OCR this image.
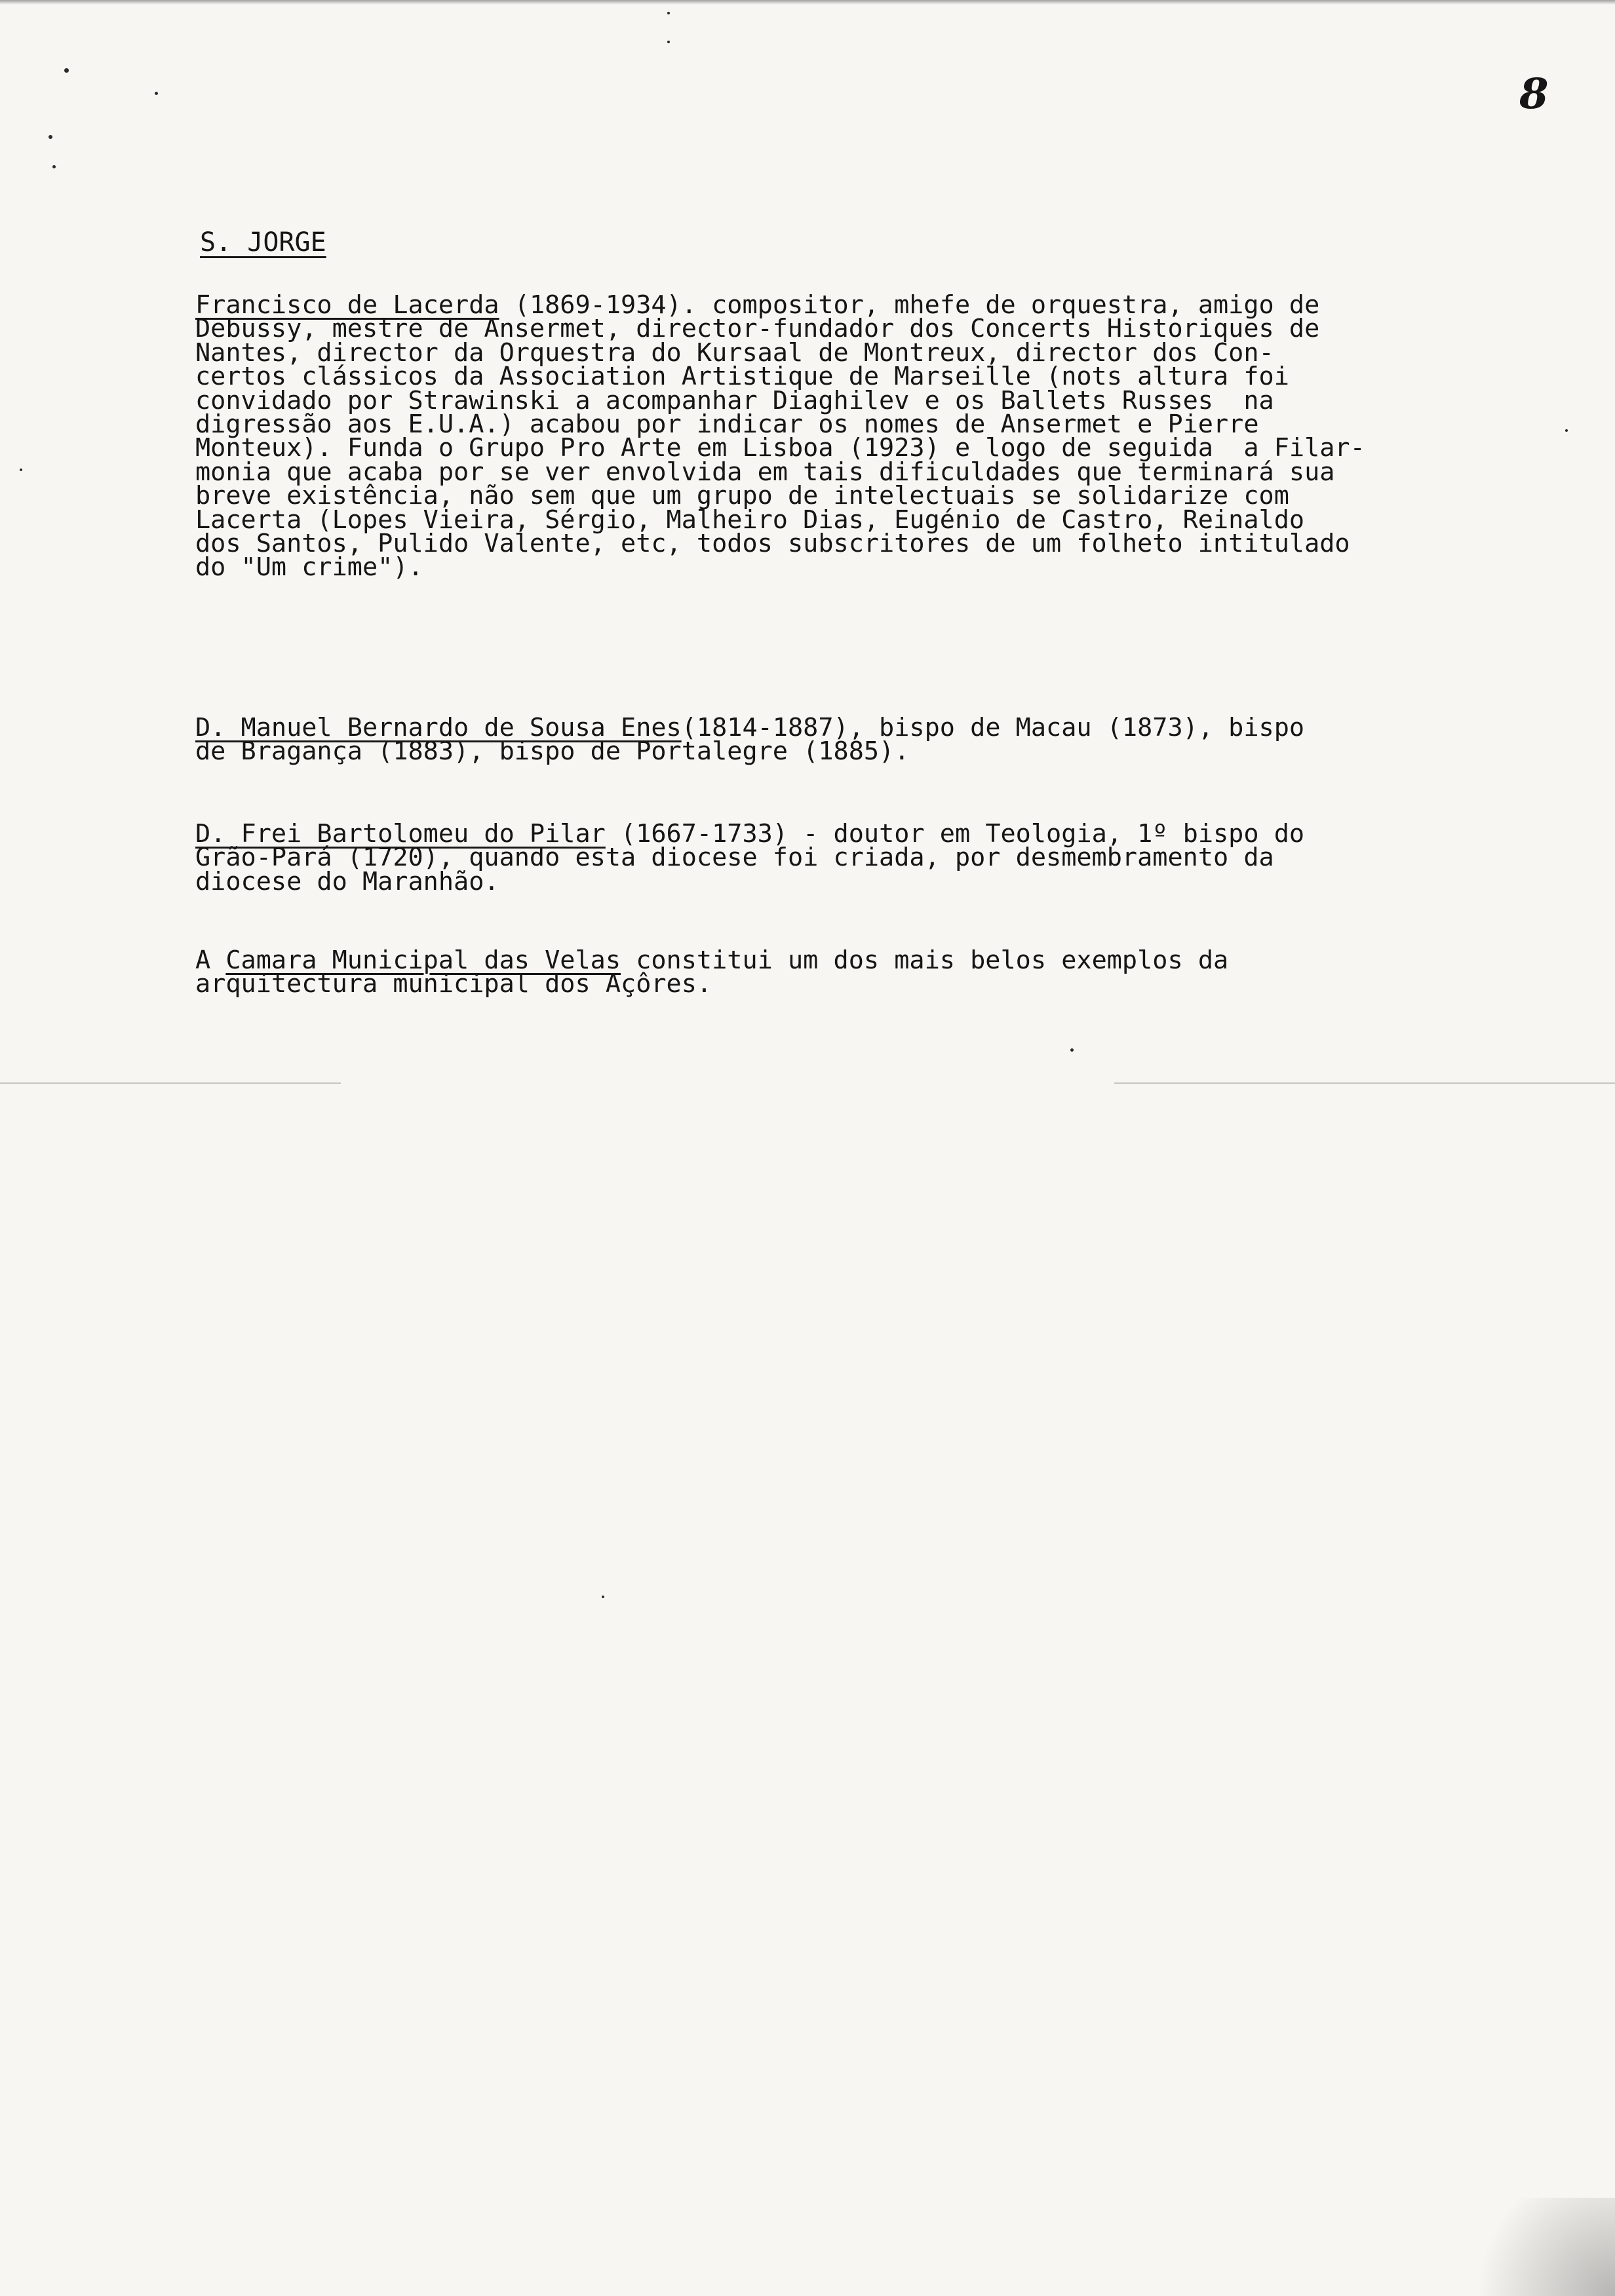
8
S. JORGE
Francisco de Lacerda (1869-1934). compositor, mhefe de orquestra, amigo de
Debussy, mestre de Ansermet, director-fundador dos Concerts Historiques de
Nantes, director da Orquestra do Kursaal de Montreux, director dos Con-
certos clássicos da Association Artistique de Marseille (nots altura foi
convidado por Strawinski a acompanhar Diaghilev e os Ballets Russes  na
digressão aos E.U.A.) acabou por indicar os nomes de Ansermet e Pierre
Monteux). Funda o Grupo Pro Arte em Lisboa (1923) e logo de seguida  a Filar-
monia que acaba por se ver envolvida em tais dificuldades que terminará sua
breve existência, não sem que um grupo de intelectuais se solidarize com
Lacerta (Lopes Vieira, Sérgio, Malheiro Dias, Eugénio de Castro, Reinaldo
dos Santos, Pulido Valente, etc, todos subscritores de um folheto intitulado
do "Um crime").
D. Manuel Bernardo de Sousa Enes(1814-1887), bispo de Macau (1873), bispo
de Bragança (1883), bispo de Portalegre (1885).
D. Frei Bartolomeu do Pilar (1667-1733) - doutor em Teologia, 1º bispo do
Grão-Pará (1720), quando esta diocese foi criada, por desmembramento da
diocese do Maranhão.
A Camara Municipal das Velas constitui um dos mais belos exemplos da
arquitectura municipal dos Açôres.
